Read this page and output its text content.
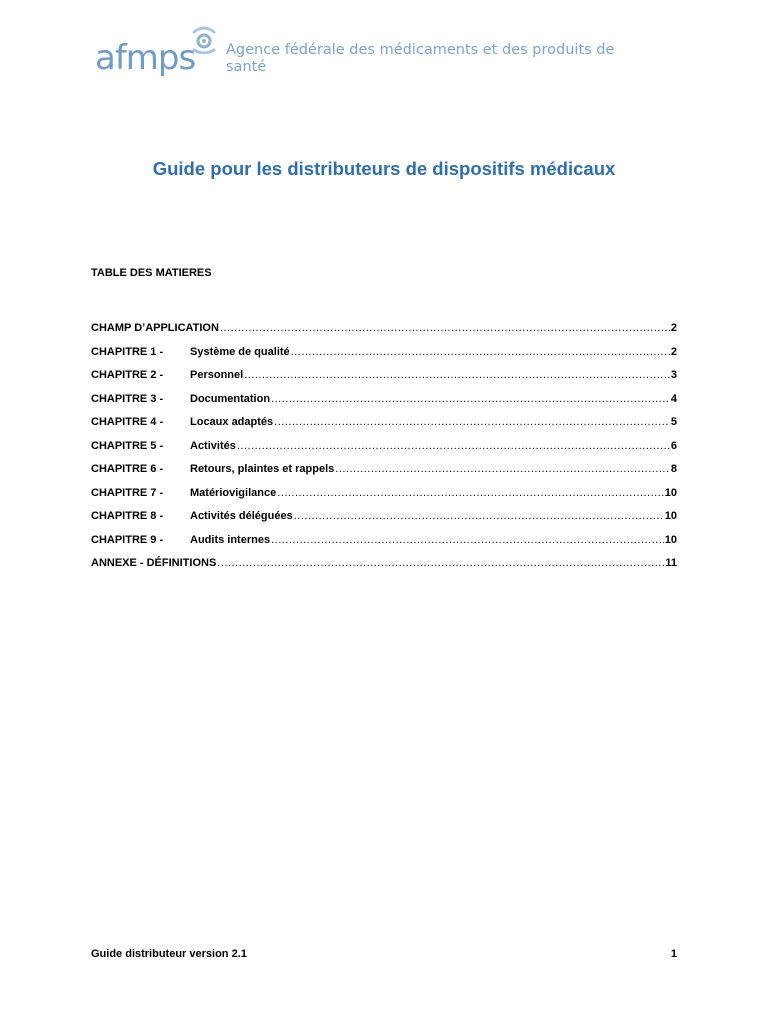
afmps Agence fédérale des médicaments et des produits de santé
Guide pour les distributeurs de dispositifs médicaux
TABLE DES MATIERES
CHAMP D’APPLICATION .....	2
CHAPITRE 1 -	Système de qualité .....	2
CHAPITRE 2 -	Personnel .....	3
CHAPITRE 3 -	Documentation .....	4
CHAPITRE 4 -	Locaux adaptés .....	5
CHAPITRE 5 -	Activités .....	6
CHAPITRE 6 -	Retours, plaintes et rappels .....	8
CHAPITRE 7 -	Matériovigilance .....	10
CHAPITRE 8 -	Activités déléguées .....	10
CHAPITRE 9 -	Audits internes .....	10
ANNEXE - DÉFINITIONS .....	11
Guide distributeur version 2.1	1
